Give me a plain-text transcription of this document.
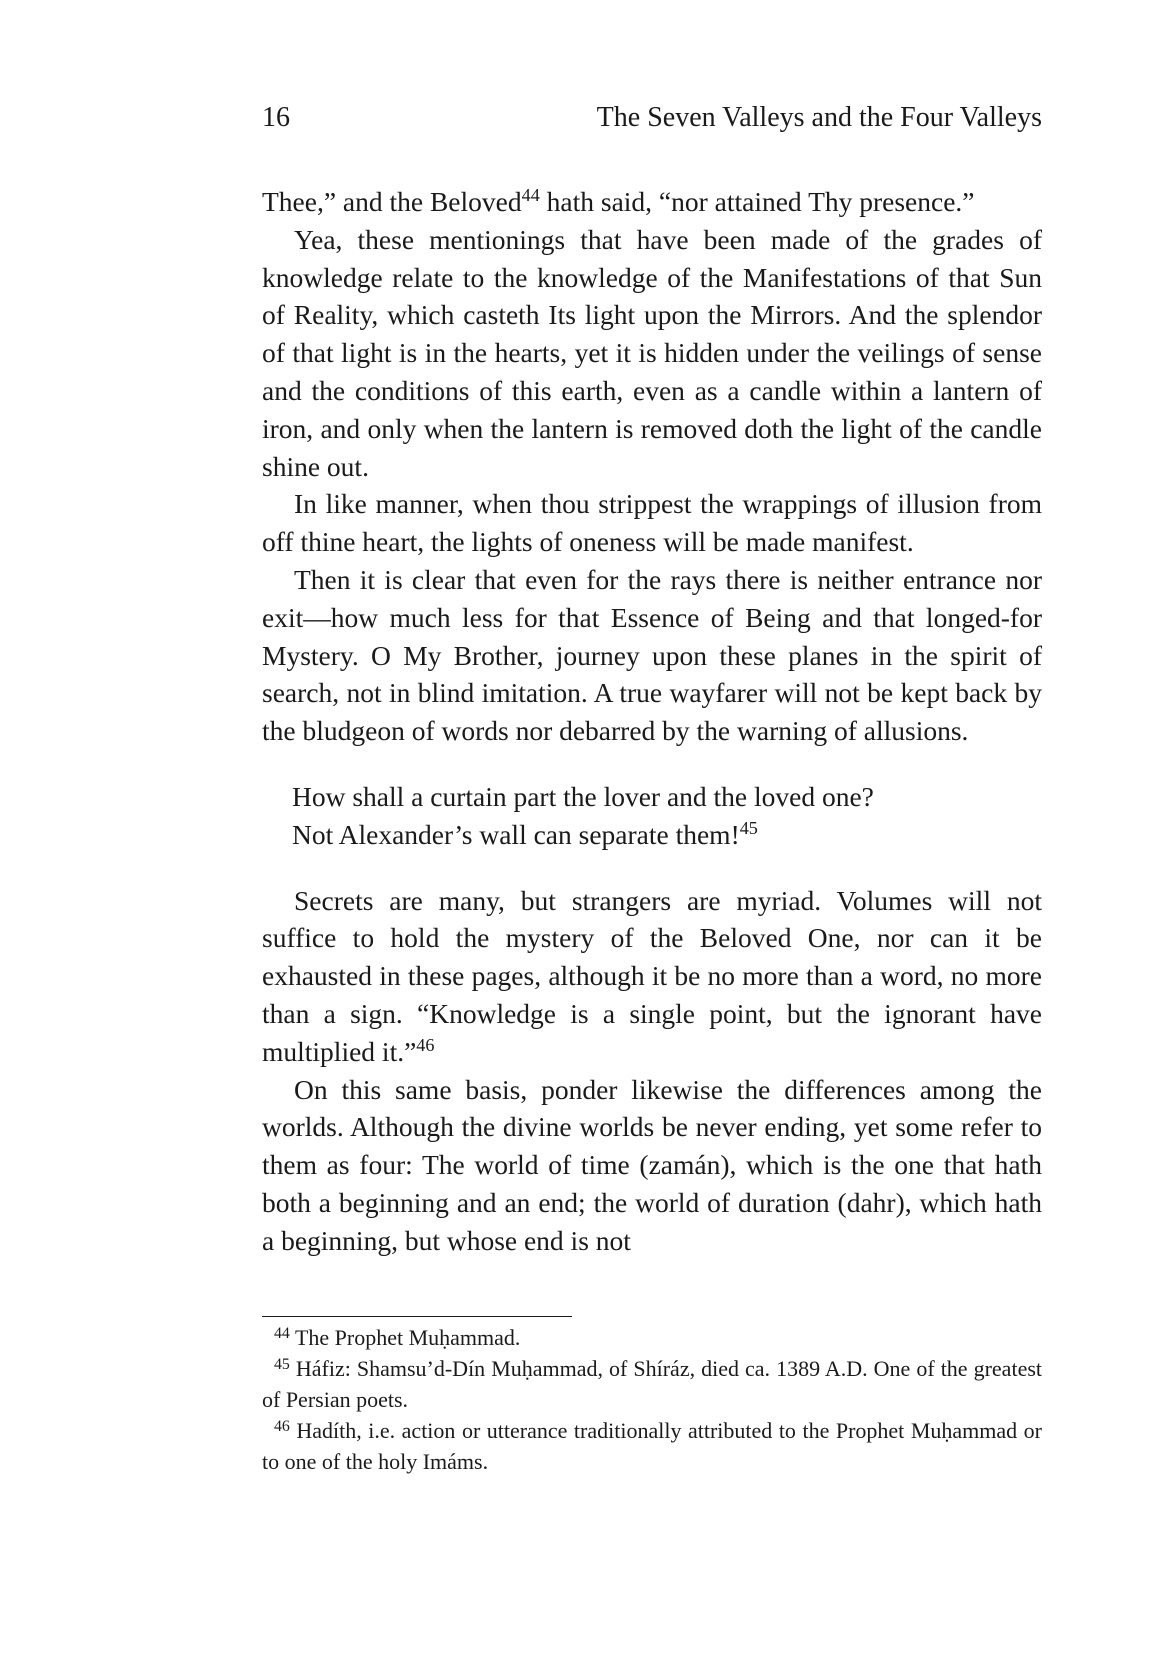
16	The Seven Valleys and the Four Valleys

Thee,” and the Beloved$^{44}$ hath said, “nor attained Thy presence.”

Yea, these mentionings that have been made of the grades of knowledge relate to the knowledge of the Manifestations of that Sun of Reality, which casteth Its light upon the Mirrors. And the splendor of that light is in the hearts, yet it is hidden under the veilings of sense and the conditions of this earth, even as a candle within a lantern of iron, and only when the lantern is removed doth the light of the candle shine out.

In like manner, when thou strippest the wrappings of illusion from off thine heart, the lights of oneness will be made manifest.

Then it is clear that even for the rays there is neither entrance nor exit—how much less for that Essence of Being and that longed-for Mystery. O My Brother, journey upon these planes in the spirit of search, not in blind imitation. A true wayfarer will not be kept back by the bludgeon of words nor debarred by the warning of allusions.

How shall a curtain part the lover and the loved one?
Not Alexander’s wall can separate them!$^{45}$

Secrets are many, but strangers are myriad. Volumes will not suffice to hold the mystery of the Beloved One, nor can it be exhausted in these pages, although it be no more than a word, no more than a sign. “Knowledge is a single point, but the ignorant have multiplied it.”$^{46}$

On this same basis, ponder likewise the differences among the worlds. Although the divine worlds be never ending, yet some refer to them as four: The world of time (zamán), which is the one that hath both a beginning and an end; the world of duration (dahr), which hath a beginning, but whose end is not

$^{44}$ The Prophet Muḥammad.

$^{45}$ Háfiz: Shamsu’d-Dín Muḥammad, of Shíráz, died ca. 1389 A.D. One of the greatest of Persian poets.

$^{46}$ Hadíth, i.e. action or utterance traditionally attributed to the Prophet Muḥammad or to one of the holy Imáms.
